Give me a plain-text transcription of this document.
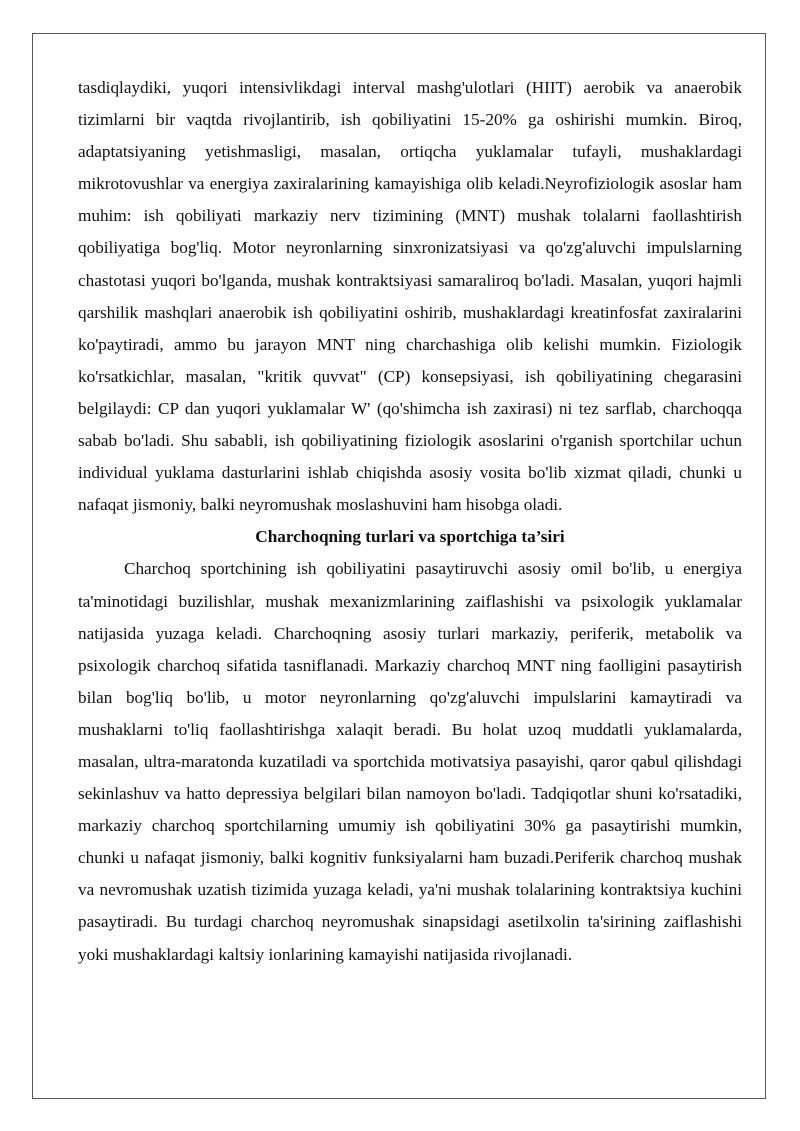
tasdiqlaydiki, yuqori intensivlikdagi interval mashg'ulotlari (HIIT) aerobik va anaerobik tizimlarni bir vaqtda rivojlantirib, ish qobiliyatini 15-20% ga oshirishi mumkin. Biroq, adaptatsiyaning yetishmasligi, masalan, ortiqcha yuklamalar tufayli, mushaklardagi mikrotovushlar va energiya zaxiralarining kamayishiga olib keladi.Neyrofiziologik asoslar ham muhim: ish qobiliyati markaziy nerv tizimining (MNT) mushak tolalarni faollashtirish qobiliyatiga bog'liq. Motor neyronlarning sinxronizatsiyasi va qo'zg'aluvchi impulslarning chastotasi yuqori bo'lganda, mushak kontraktsiyasi samaraliroq bo'ladi. Masalan, yuqori hajmli qarshilik mashqlari anaerobik ish qobiliyatini oshirib, mushaklardagi kreatinfosfat zaxiralarini ko'paytiradi, ammo bu jarayon MNT ning charchashiga olib kelishi mumkin. Fiziologik ko'rsatkichlar, masalan, "kritik quvvat" (CP) konsepsiyasi, ish qobiliyatining chegarasini belgilaydi: CP dan yuqori yuklamalar W' (qo'shimcha ish zaxirasi) ni tez sarflab, charchoqqa sabab bo'ladi. Shu sababli, ish qobiliyatining fiziologik asoslarini o'rganish sportchilar uchun individual yuklama dasturlarini ishlab chiqishda asosiy vosita bo'lib xizmat qiladi, chunki u nafaqat jismoniy, balki neyromushak moslashuvini ham hisobga oladi.

Charchoqning turlari va sportchiga ta’siri

Charchoq sportchining ish qobiliyatini pasaytiruvchi asosiy omil bo'lib, u energiya ta'minotidagi buzilishlar, mushak mexanizmlarining zaiflashishi va psixologik yuklamalar natijasida yuzaga keladi. Charchoqning asosiy turlari markaziy, periferik, metabolik va psixologik charchoq sifatida tasniflanadi. Markaziy charchoq MNT ning faolligini pasaytirish bilan bog'liq bo'lib, u motor neyronlarning qo'zg'aluvchi impulslarini kamaytiradi va mushaklarni to'liq faollashtirishga xalaqit beradi. Bu holat uzoq muddatli yuklamalarda, masalan, ultra-maratonda kuzatiladi va sportchida motivatsiya pasayishi, qaror qabul qilishdagi sekinlashuv va hatto depressiya belgilari bilan namoyon bo'ladi. Tadqiqotlar shuni ko'rsatadiki, markaziy charchoq sportchilarning umumiy ish qobiliyatini 30% ga pasaytirishi mumkin, chunki u nafaqat jismoniy, balki kognitiv funksiyalarni ham buzadi.Periferik charchoq mushak va nevromushak uzatish tizimida yuzaga keladi, ya'ni mushak tolalarining kontraktsiya kuchini pasaytiradi. Bu turdagi charchoq neyromushak sinapsidagi asetilxolin ta'sirining zaiflashishi yoki mushaklardagi kaltsiy ionlarining kamayishi natijasida rivojlanadi.
